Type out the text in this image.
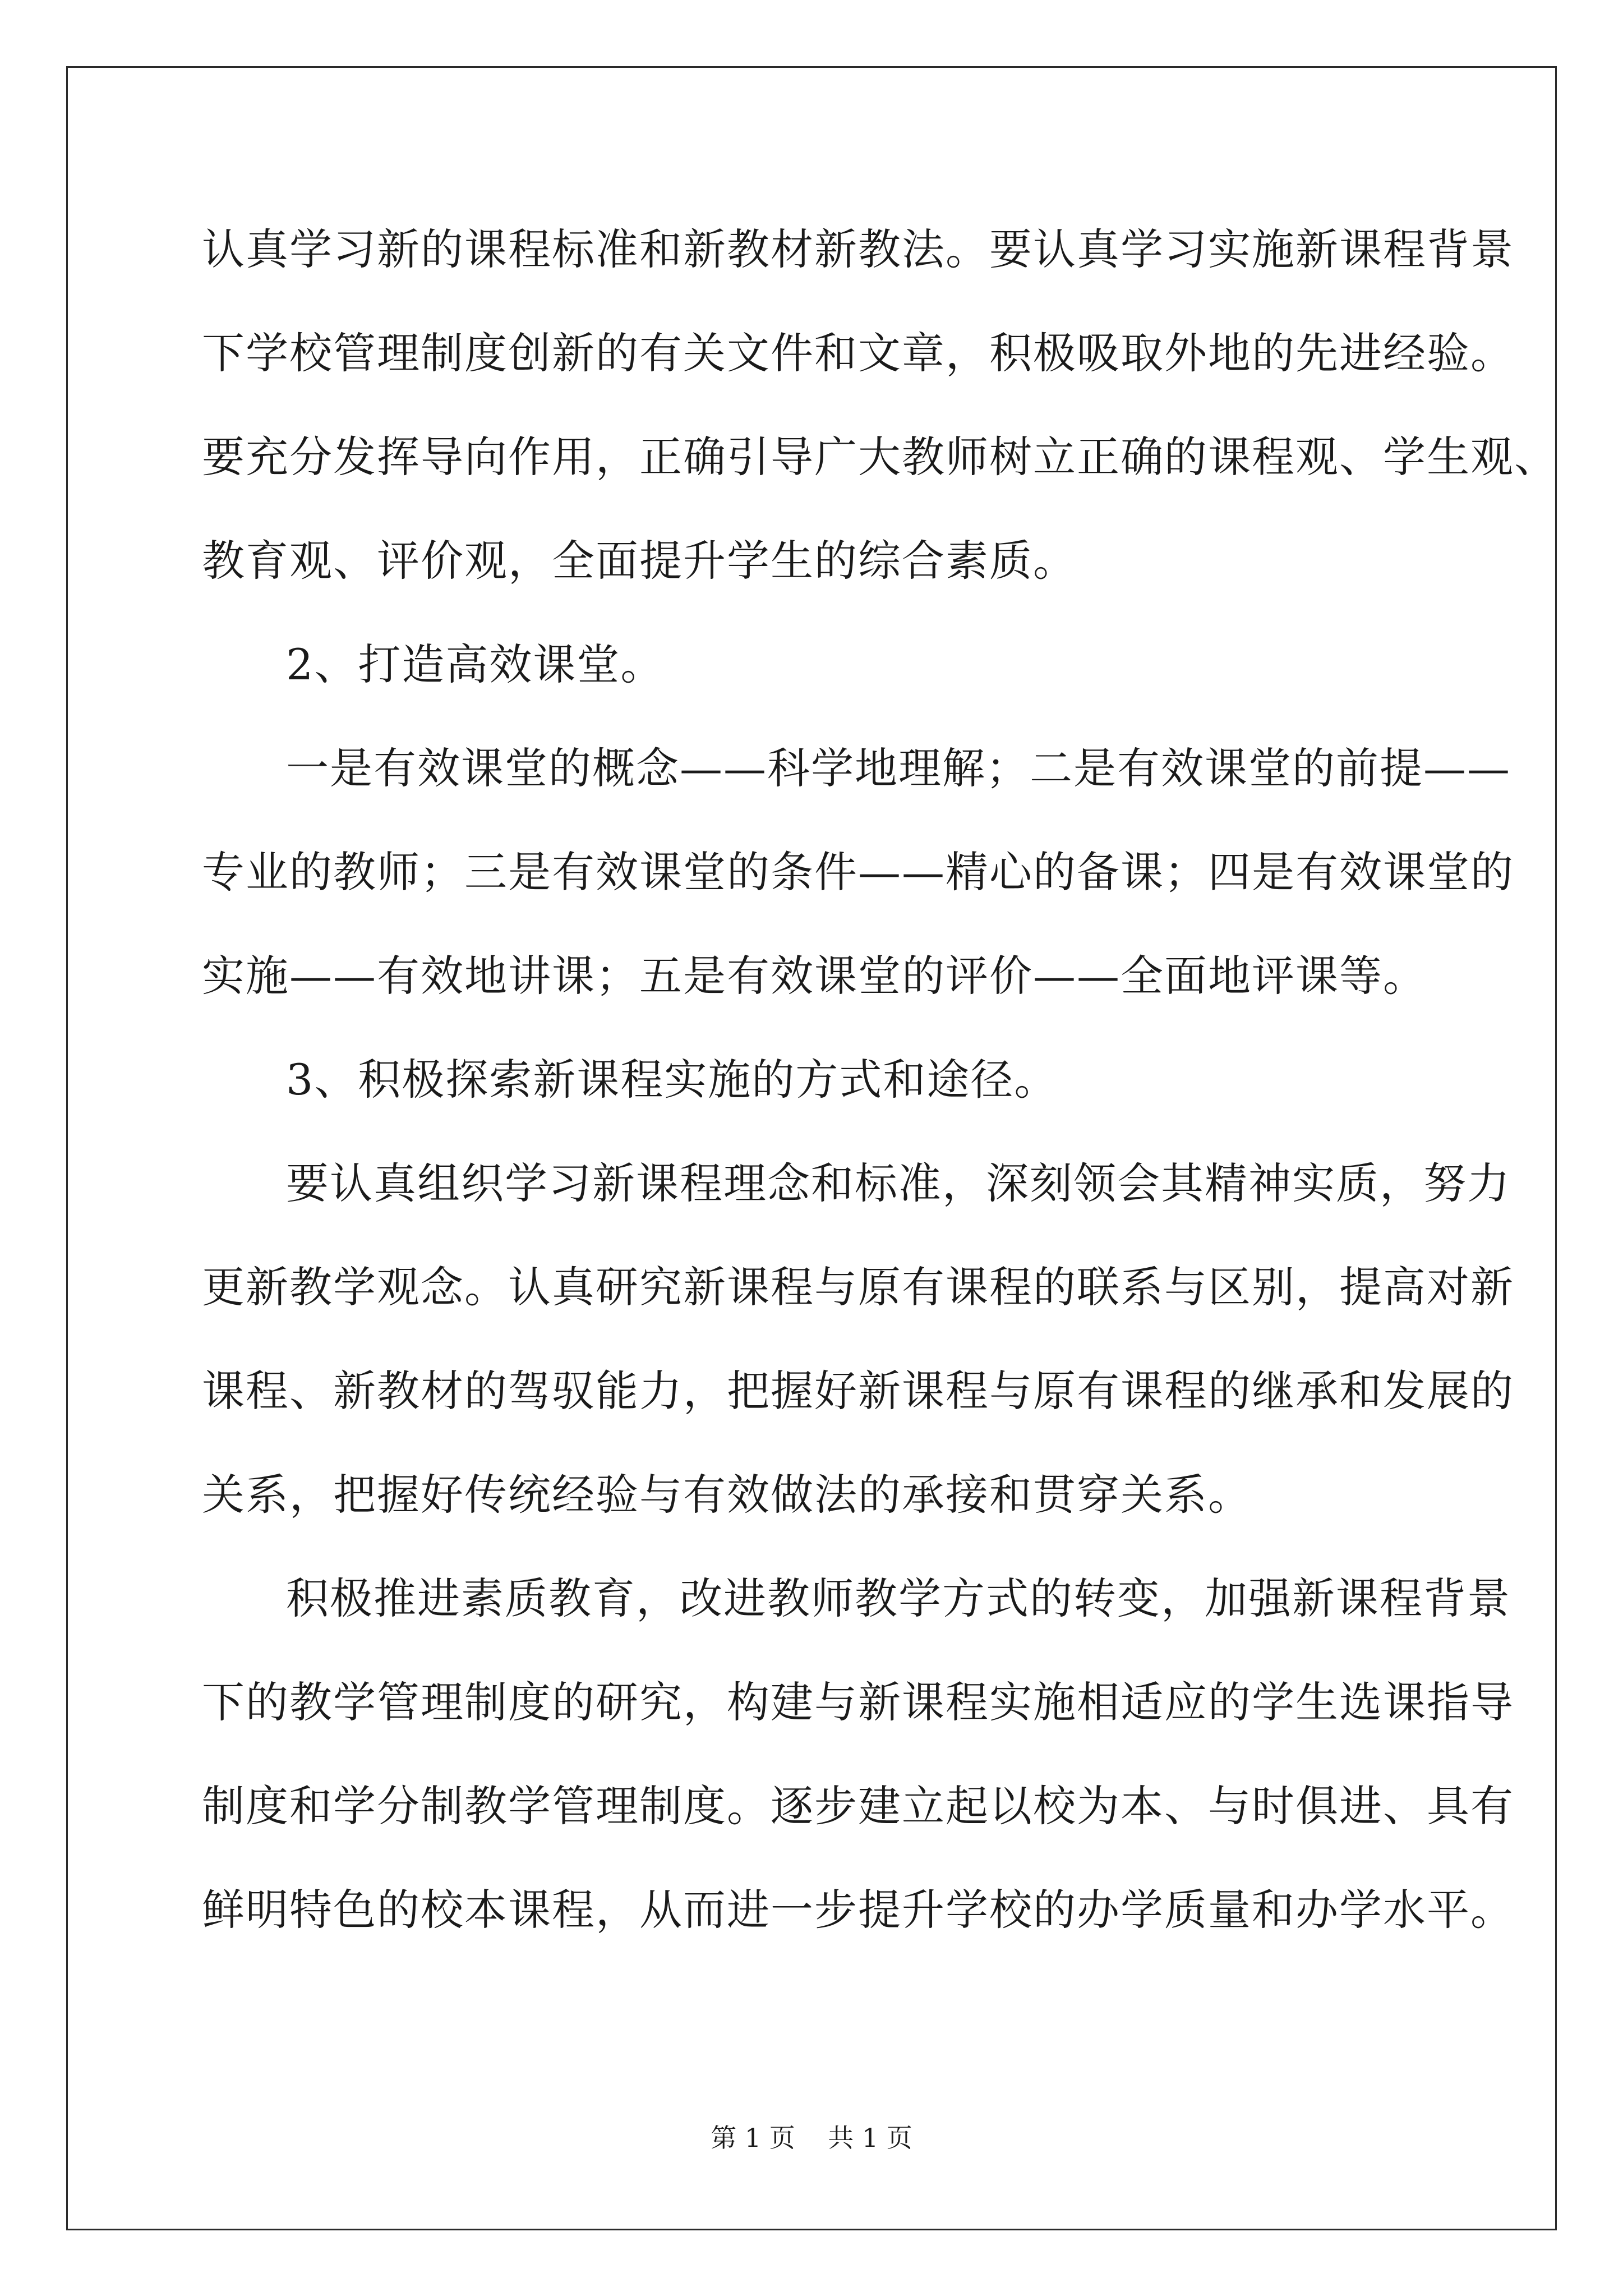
认真学习新的课程标准和新教材新教法。要认真学习实施新课程背景
下学校管理制度创新的有关文件和文章，积极吸取外地的先进经验。
要充分发挥导向作用，正确引导广大教师树立正确的课程观、学生观、
教育观、评价观，全面提升学生的综合素质。
2、打造高效课堂。
一是有效课堂的概念——科学地理解；二是有效课堂的前提——
专业的教师；三是有效课堂的条件——精心的备课；四是有效课堂的
实施——有效地讲课；五是有效课堂的评价——全面地评课等。
3、积极探索新课程实施的方式和途径。
要认真组织学习新课程理念和标准，深刻领会其精神实质，努力
更新教学观念。认真研究新课程与原有课程的联系与区别，提高对新
课程、新教材的驾驭能力，把握好新课程与原有课程的继承和发展的
关系，把握好传统经验与有效做法的承接和贯穿关系。
积极推进素质教育，改进教师教学方式的转变，加强新课程背景
下的教学管理制度的研究，构建与新课程实施相适应的学生选课指导
制度和学分制教学管理制度。逐步建立起以校为本、与时俱进、具有
鲜明特色的校本课程，从而进一步提升学校的办学质量和办学水平。
第 1 页    共 1 页
